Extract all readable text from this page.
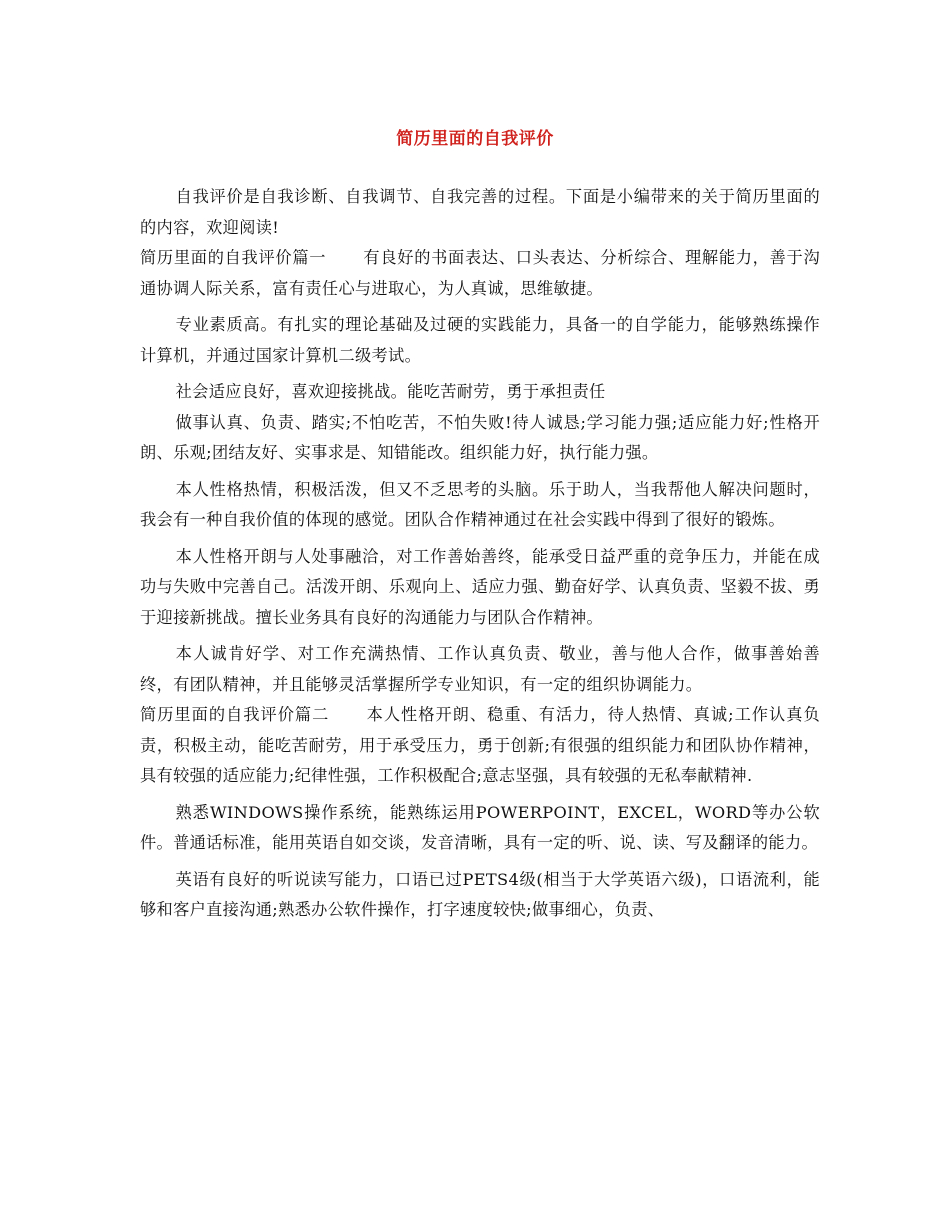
简历里面的自我评价

自我评价是自我诊断、自我调节、自我完善的过程。下面是小编带来的关于简历里面的的内容，欢迎阅读!

简历里面的自我评价篇一 有良好的书面表达、口头表达、分析综合、理解能力，善于沟通协调人际关系，富有责任心与进取心，为人真诚，思维敏捷。

专业素质高。有扎实的理论基础及过硬的实践能力，具备一的自学能力，能够熟练操作计算机，并通过国家计算机二级考试。

社会适应良好，喜欢迎接挑战。能吃苦耐劳，勇于承担责任

做事认真、负责、踏实;不怕吃苦，不怕失败!待人诚恳;学习能力强;适应能力好;性格开朗、乐观;团结友好、实事求是、知错能改。组织能力好，执行能力强。

本人性格热情，积极活泼，但又不乏思考的头脑。乐于助人，当我帮他人解决问题时，我会有一种自我价值的体现的感觉。团队合作精神通过在社会实践中得到了很好的锻炼。

本人性格开朗与人处事融洽，对工作善始善终，能承受日益严重的竞争压力，并能在成功与失败中完善自己。活泼开朗、乐观向上、适应力强、勤奋好学、认真负责、坚毅不拔、勇于迎接新挑战。擅长业务具有良好的沟通能力与团队合作精神。

本人诚肯好学、对工作充满热情、工作认真负责、敬业，善与他人合作，做事善始善终，有团队精神，并且能够灵活掌握所学专业知识，有一定的组织协调能力。

简历里面的自我评价篇二 本人性格开朗、稳重、有活力，待人热情、真诚;工作认真负责，积极主动，能吃苦耐劳，用于承受压力，勇于创新;有很强的组织能力和团队协作精神，具有较强的适应能力;纪律性强，工作积极配合;意志坚强，具有较强的无私奉献精神.

熟悉WINDOWS操作系统，能熟练运用POWERPOINT，EXCEL，WORD等办公软件。普通话标准，能用英语自如交谈，发音清晰，具有一定的听、说、读、写及翻译的能力。

英语有良好的听说读写能力，口语已过PETS4级(相当于大学英语六级)，口语流利，能够和客户直接沟通;熟悉办公软件操作，打字速度较快;做事细心，负责、
